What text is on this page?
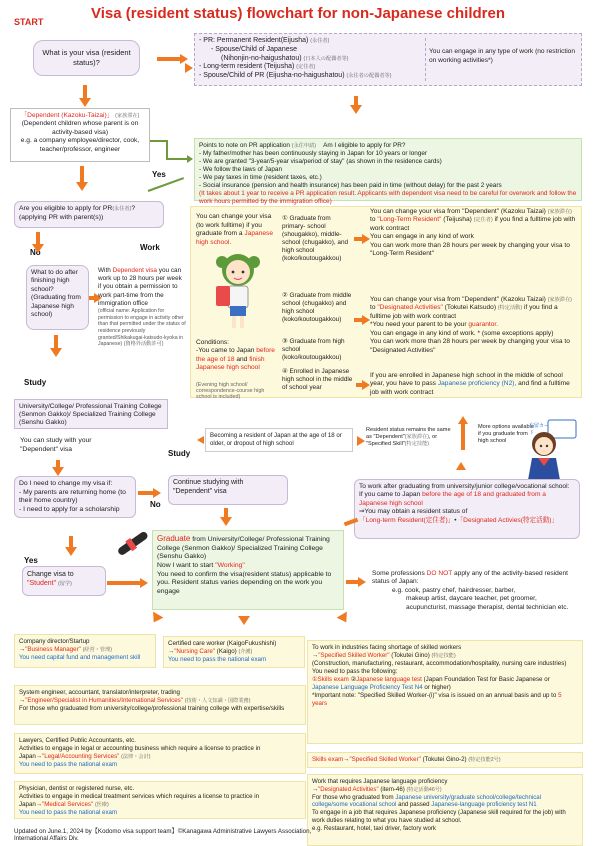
Visa (resident status) flowchart for non-Japanese children
START
What is your visa (resident status)?

- PR: Permanent Resident(Eijusha) (永住者)

- Spouse/Child of Japanese

(Nihonjin-no-haigushatou) (日本人の配偶者等)

- Long-term resident (Teijusha) (定住者)

- Spouse/Child of PR (Eijusha-no-haigushatou) (永住者の配偶者等)

You can engage in any type of work (no restriction on working activities*)

「Dependent (Kazoku-Taizai)」 (家族滞在)

(Dependent children whose parent is on activity-based visa)

e.g. a company employee/director, cook, teacher/professor, engineer

Points to note on PR application (永住申請) Am I eligible to apply for PR?

- My father/mother has been continuously staying in Japan for 10 years or longer

- We are granted "3-year/5-year visa/period of stay" (as shown in the residence cards)

- We follow the laws of Japan

- We pay taxes in time (resident taxes, etc.)

- Social insurance (pension and health insurance) has been paid in time (without delay) for the past 2 years

(It takes about 1 year to receive a PR application result. Applicants with dependent visa need to be careful for overwork and follow the work hours permitted by the immigration office)

Yes

Are you eligible to apply for PR(永住者)?

(applying PR with parent(s))

No
Work
What to do after finishing high school? (Graduating from Japanese high school)

With Dependent visa you can work up to 28 hours per week if you obtain a permission to work part-time from the immigration office

(official name: Application for permission to engage in activity other than that permitted under the status of residence previously granted/Shikakugai-katsudo-kyoka in Japanese) (資格外活動許可)

You can change your visa (to work fulltime) if you graduate from a Japanese high school.

Conditions:

-You came to Japan before the age of 18 and finish Japanese high school

(Evening high school/ correspondence-course high school is included)
① Graduate from primary- school (shougakko), middle-school (chugakko), and high school (koko/koutougakkou)
② Graduate from middle school (chugakko) and high school (koko/koutougakkou)
③ Graduate from high school (koko/koutougakkou)
④ Enrolled in Japanese high school in the middle of school year

You can change your visa from "Dependent" (Kazoku Taizai) (家族滞在) to "Long-Term Resident" (Teijusha) (定住者) if you find a fulltime job with work contract

You can engage in any kind of work

You can work more than 28 hours per week by changing your visa to "Long-Term Resident"

You can change your visa from "Dependent" (Kazoku Taizai) (家族滞在) to "Designated Activities" (Tokutei Katsudo) (特定活動) if you find a fulltime job with work contract

*You need your parent to be your guarantor.

You can engage in any kind of work. * (some exceptions apply)

You can work more than 28 hours per week by changing your visa to "Designated Activities"

If you are enrolled in Japanese high school in the middle of school year, you have to pass Japanese proficiency (N2), and find a fulltime job with work contract
Study
University/College/ Professional Training College (Senmon Gakko)/ Specialized Training College (Senshu Gakko)
You can study with your "Dependent" visa
Becoming a resident of Japan at the age of 18 or older, or dropout of high school
Resident status remains the same as "Dependent"(家族滞在), or "Specified Skill"(特定技能)
More options available if you graduate from high school
在留カード
Study

Do I need to change my visa if:

- My parents are returning home (to their home country)

- I need to apply for a scholarship

No
Continue studying with "Dependent" visa

To work after graduating from university/junior college/vocational school:

If you came to Japan before the age of 18 and graduated from a Japanese high school

⇒You may obtain a resident status of

「Long-term Resident(定住者)」•「Designated Activies(特定活動)」

Yes

Change visa to

"Student" (留学)

Graduate from University/College/ Professional Training College (Senmon Gakko)/ Specialized Training College (Senshu Gakko)

Now I want to start "Working"

You need to confirm the visa(resident status) applicable to you. Resident status varies depending on the work you engage

Some professions DO NOT apply any of the activity-based resident status of Japan:

e.g. cook, pastry chef, hairdresser, barber,

makeup artist, daycare teacher, pet groomer,

acupuncturist, massage therapist, dental technician etc.

Company director/Startup

→"Business Manager" (経営・管理)

You need capital fund and management skill

Certified care worker (KaigoFukushishi)

→"Nursing Care" (Kaigo) (介護)

You need to pass the national exam

System engineer, accountant, translator/interpreter, trading

→"Engineer/Specialist in Humanities/International Services" (技術・人文知識・国際業務)

For those who graduated from university/college/professional training college with expertise/skills

Lawyers, Certified Public Accountants, etc.

Activities to engage in legal or accounting business which require a license to practice in Japan→"Legal/Accounting Services" (法律・会計)

You need to pass the national exam

Physician, dentist or registered nurse, etc.

Activities to engage in medical treatment services which requires a license to practice in Japan→"Medical Services" (医療)

You need to pass the national exam

To work in industries facing shortage of skilled workers

→"Specified Skilled Worker" (Tokutei Gino) (特定技能)

(Construction, manufacturing, restaurant, accommodation/hospitality, nursing care industries) You need to pass the following:

①Skills exam ②Japanese language test (Japan Foundation Test for Basic Japanese or

Japanese Language Proficiency Test N4 or higher)

*Important note: "Specified Skilled Worker-(i)" visa is issued on an annual basis and up to 5 years

Skills exam→"Specified Skilled Worker" (Tokutei Gino-2) (特定技能2号)

Work that requires Japanese language proficiency

→"Designated Activities" (item-46) (特定活動46号)

For those who graduated from Japanese university/graduate school/college/technical college/some vocational school and passed Japanese-language proficiency test N1

To engage in a job that requires Japanese proficiency (Japanese skill required for the job) with work duties relating to what you have studied at school.

e.g. Restaurant, hotel, taxi driver, factory work

Updated on June.1, 2024 by【Kodomo visa support team】©Kanagawa Administrative Lawyers Association, International Affairs Div.
